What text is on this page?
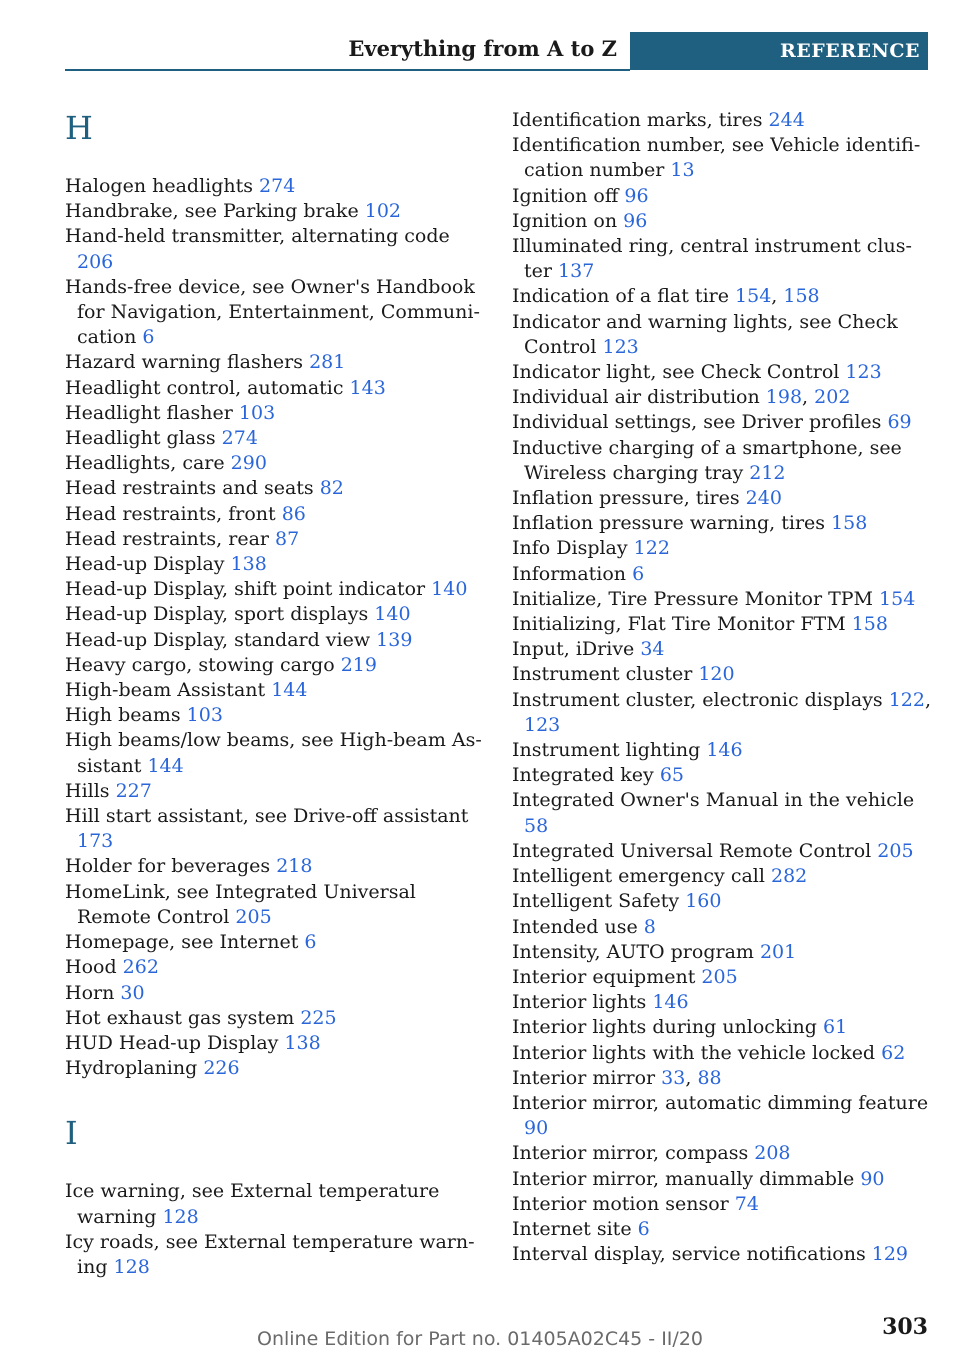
Everything from A to Z	REFERENCE
H
Halogen headlights 274
Handbrake, see Parking brake 102
Hand-held transmitter, alternating code 206
Hands-free device, see Owner's Handbook for Navigation, Entertainment, Communication 6
Hazard warning flashers 281
Headlight control, automatic 143
Headlight flasher 103
Headlight glass 274
Headlights, care 290
Head restraints and seats 82
Head restraints, front 86
Head restraints, rear 87
Head-up Display 138
Head-up Display, shift point indicator 140
Head-up Display, sport displays 140
Head-up Display, standard view 139
Heavy cargo, stowing cargo 219
High-beam Assistant 144
High beams 103
High beams/low beams, see High-beam Assistant 144
Hills 227
Hill start assistant, see Drive-off assistant 173
Holder for beverages 218
HomeLink, see Integrated Universal Remote Control 205
Homepage, see Internet 6
Hood 262
Horn 30
Hot exhaust gas system 225
HUD Head-up Display 138
Hydroplaning 226
I
Ice warning, see External temperature warning 128
Icy roads, see External temperature warning 128
Identification marks, tires 244
Identification number, see Vehicle identification number 13
Ignition off 96
Ignition on 96
Illuminated ring, central instrument cluster 137
Indication of a flat tire 154, 158
Indicator and warning lights, see Check Control 123
Indicator light, see Check Control 123
Individual air distribution 198, 202
Individual settings, see Driver profiles 69
Inductive charging of a smartphone, see Wireless charging tray 212
Inflation pressure, tires 240
Inflation pressure warning, tires 158
Info Display 122
Information 6
Initialize, Tire Pressure Monitor TPM 154
Initializing, Flat Tire Monitor FTM 158
Input, iDrive 34
Instrument cluster 120
Instrument cluster, electronic displays 122, 123
Instrument lighting 146
Integrated key 65
Integrated Owner's Manual in the vehicle 58
Integrated Universal Remote Control 205
Intelligent emergency call 282
Intelligent Safety 160
Intended use 8
Intensity, AUTO program 201
Interior equipment 205
Interior lights 146
Interior lights during unlocking 61
Interior lights with the vehicle locked 62
Interior mirror 33, 88
Interior mirror, automatic dimming feature 90
Interior mirror, compass 208
Interior mirror, manually dimmable 90
Interior motion sensor 74
Internet site 6
Interval display, service notifications 129
303
Online Edition for Part no. 01405A02C45 - II/20
